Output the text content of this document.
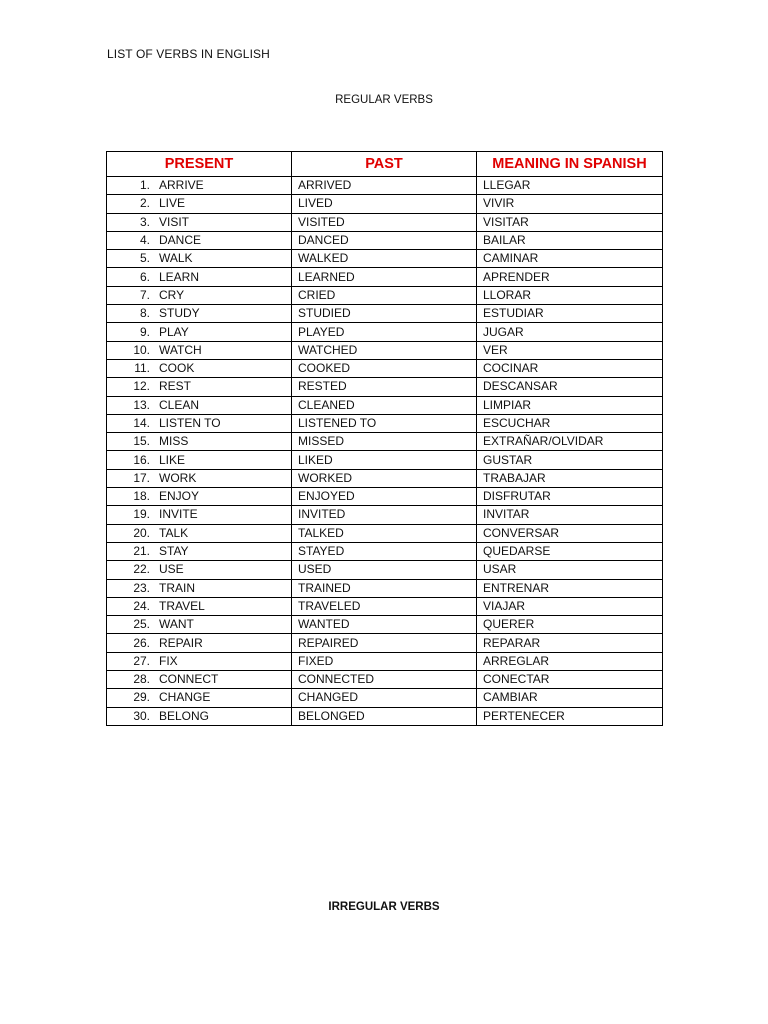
LIST OF VERBS IN ENGLISH
REGULAR VERBS
PRESENT	PAST	MEANING IN SPANISH
1. ARRIVE	ARRIVED	LLEGAR
2. LIVE	LIVED	VIVIR
3. VISIT	VISITED	VISITAR
4. DANCE	DANCED	BAILAR
5. WALK	WALKED	CAMINAR
6. LEARN	LEARNED	APRENDER
7. CRY	CRIED	LLORAR
8. STUDY	STUDIED	ESTUDIAR
9. PLAY	PLAYED	JUGAR
10. WATCH	WATCHED	VER
11. COOK	COOKED	COCINAR
12. REST	RESTED	DESCANSAR
13. CLEAN	CLEANED	LIMPIAR
14. LISTEN TO	LISTENED TO	ESCUCHAR
15. MISS	MISSED	EXTRAÑAR/OLVIDAR
16. LIKE	LIKED	GUSTAR
17. WORK	WORKED	TRABAJAR
18. ENJOY	ENJOYED	DISFRUTAR
19. INVITE	INVITED	INVITAR
20. TALK	TALKED	CONVERSAR
21. STAY	STAYED	QUEDARSE
22. USE	USED	USAR
23. TRAIN	TRAINED	ENTRENAR
24. TRAVEL	TRAVELED	VIAJAR
25. WANT	WANTED	QUERER
26. REPAIR	REPAIRED	REPARAR
27. FIX	FIXED	ARREGLAR
28. CONNECT	CONNECTED	CONECTAR
29. CHANGE	CHANGED	CAMBIAR
30. BELONG	BELONGED	PERTENECER
IRREGULAR VERBS
